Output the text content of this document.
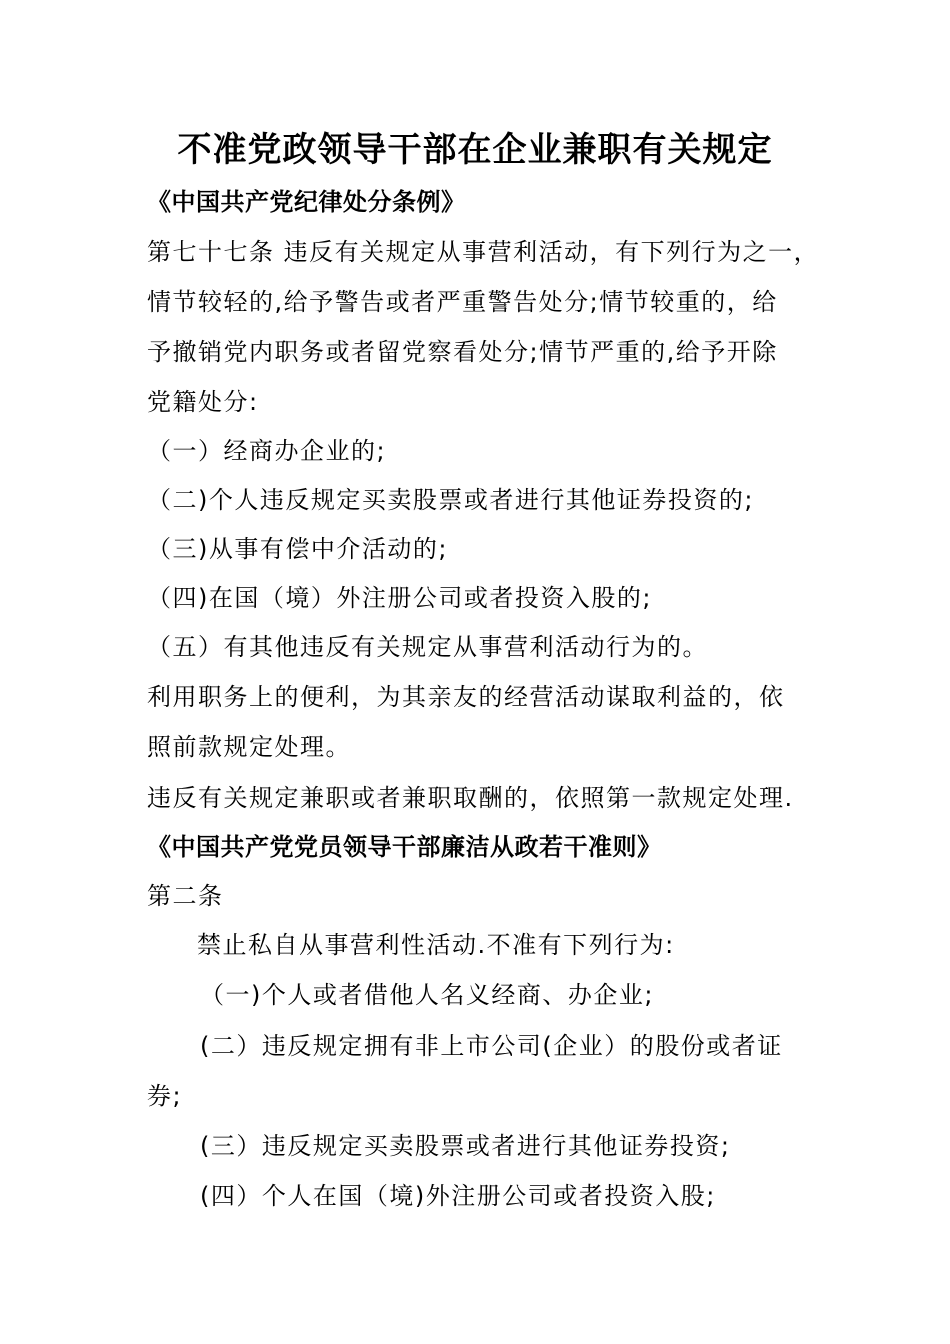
不准党政领导干部在企业兼职有关规定
《中国共产党纪律处分条例》
第七十七条 违反有关规定从事营利活动，有下列行为之一，
情节较轻的,给予警告或者严重警告处分;情节较重的，给
予撤销党内职务或者留党察看处分;情节严重的,给予开除
党籍处分:
（一）经商办企业的;
（二)个人违反规定买卖股票或者进行其他证券投资的;
（三)从事有偿中介活动的;
（四)在国（境）外注册公司或者投资入股的;
（五）有其他违反有关规定从事营利活动行为的。
利用职务上的便利，为其亲友的经营活动谋取利益的，依
照前款规定处理。
违反有关规定兼职或者兼职取酬的，依照第一款规定处理.
《中国共产党党员领导干部廉洁从政若干准则》
第二条
禁止私自从事营利性活动.不准有下列行为:
（一)个人或者借他人名义经商、办企业;
(二）违反规定拥有非上市公司(企业）的股份或者证
券;
(三）违反规定买卖股票或者进行其他证券投资;
(四）个人在国（境)外注册公司或者投资入股;
